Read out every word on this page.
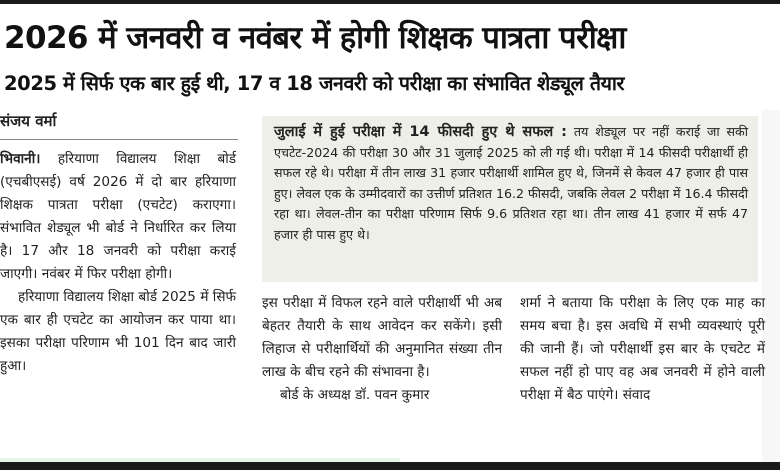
2026 में जनवरी व नवंबर में होगी शिक्षक पात्रता परीक्षा
2025 में सिर्फ एक बार हुई थी, 17 व 18 जनवरी को परीक्षा का संभावित शेड्यूल तैयार
संजय वर्मा

भिवानी। हरियाणा विद्यालय शिक्षा बोर्ड (एचबीएसई) वर्ष 2026 में दो बार हरियाणा शिक्षक पात्रता परीक्षा (एचटेट) कराएगा। संभावित शेड्यूल भी बोर्ड ने निर्धारित कर लिया है। 17 और 18 जनवरी को परीक्षा कराई जाएगी। नवंबर में फिर परीक्षा होगी।

हरियाणा विद्यालय शिक्षा बोर्ड 2025 में सिर्फ एक बार ही एचटेट का आयोजन कर पाया था। इसका परीक्षा परिणाम भी 101 दिन बाद जारी हुआ।

जुलाई में हुई परीक्षा में 14 फीसदी हुए थे सफल : तय शेड्यूल पर नहीं कराई जा सकी एचटेट-2024 की परीक्षा 30 और 31 जुलाई 2025 को ली गई थी। परीक्षा में 14 फीसदी परीक्षार्थी ही सफल रहे थे। परीक्षा में तीन लाख 31 हजार परीक्षार्थी शामिल हुए थे, जिनमें से केवल 47 हजार ही पास हुए। लेवल एक के उम्मीदवारों का उत्तीर्ण प्रतिशत 16.2 फीसदी, जबकि लेवल 2 परीक्षा में 16.4 फीसदी रहा था। लेवल-तीन का परीक्षा परिणाम सिर्फ 9.6 प्रतिशत रहा था। तीन लाख 41 हजार में सर्फ 47 हजार ही पास हुए थे।

इस परीक्षा में विफल रहने वाले परीक्षार्थी भी अब बेहतर तैयारी के साथ आवेदन कर सकेंगे। इसी लिहाज से परीक्षार्थियों की अनुमानित संख्या तीन लाख के बीच रहने की संभावना है।

बोर्ड के अध्यक्ष डॉ. पवन कुमार

शर्मा ने बताया कि परीक्षा के लिए एक माह का समय बचा है। इस अवधि में सभी व्यवस्थाएं पूरी की जानी हैं। जो परीक्षार्थी इस बार के एचटेट में सफल नहीं हो पाए वह अब जनवरी में होने वाली परीक्षा में बैठ पाएंगे। संवाद
